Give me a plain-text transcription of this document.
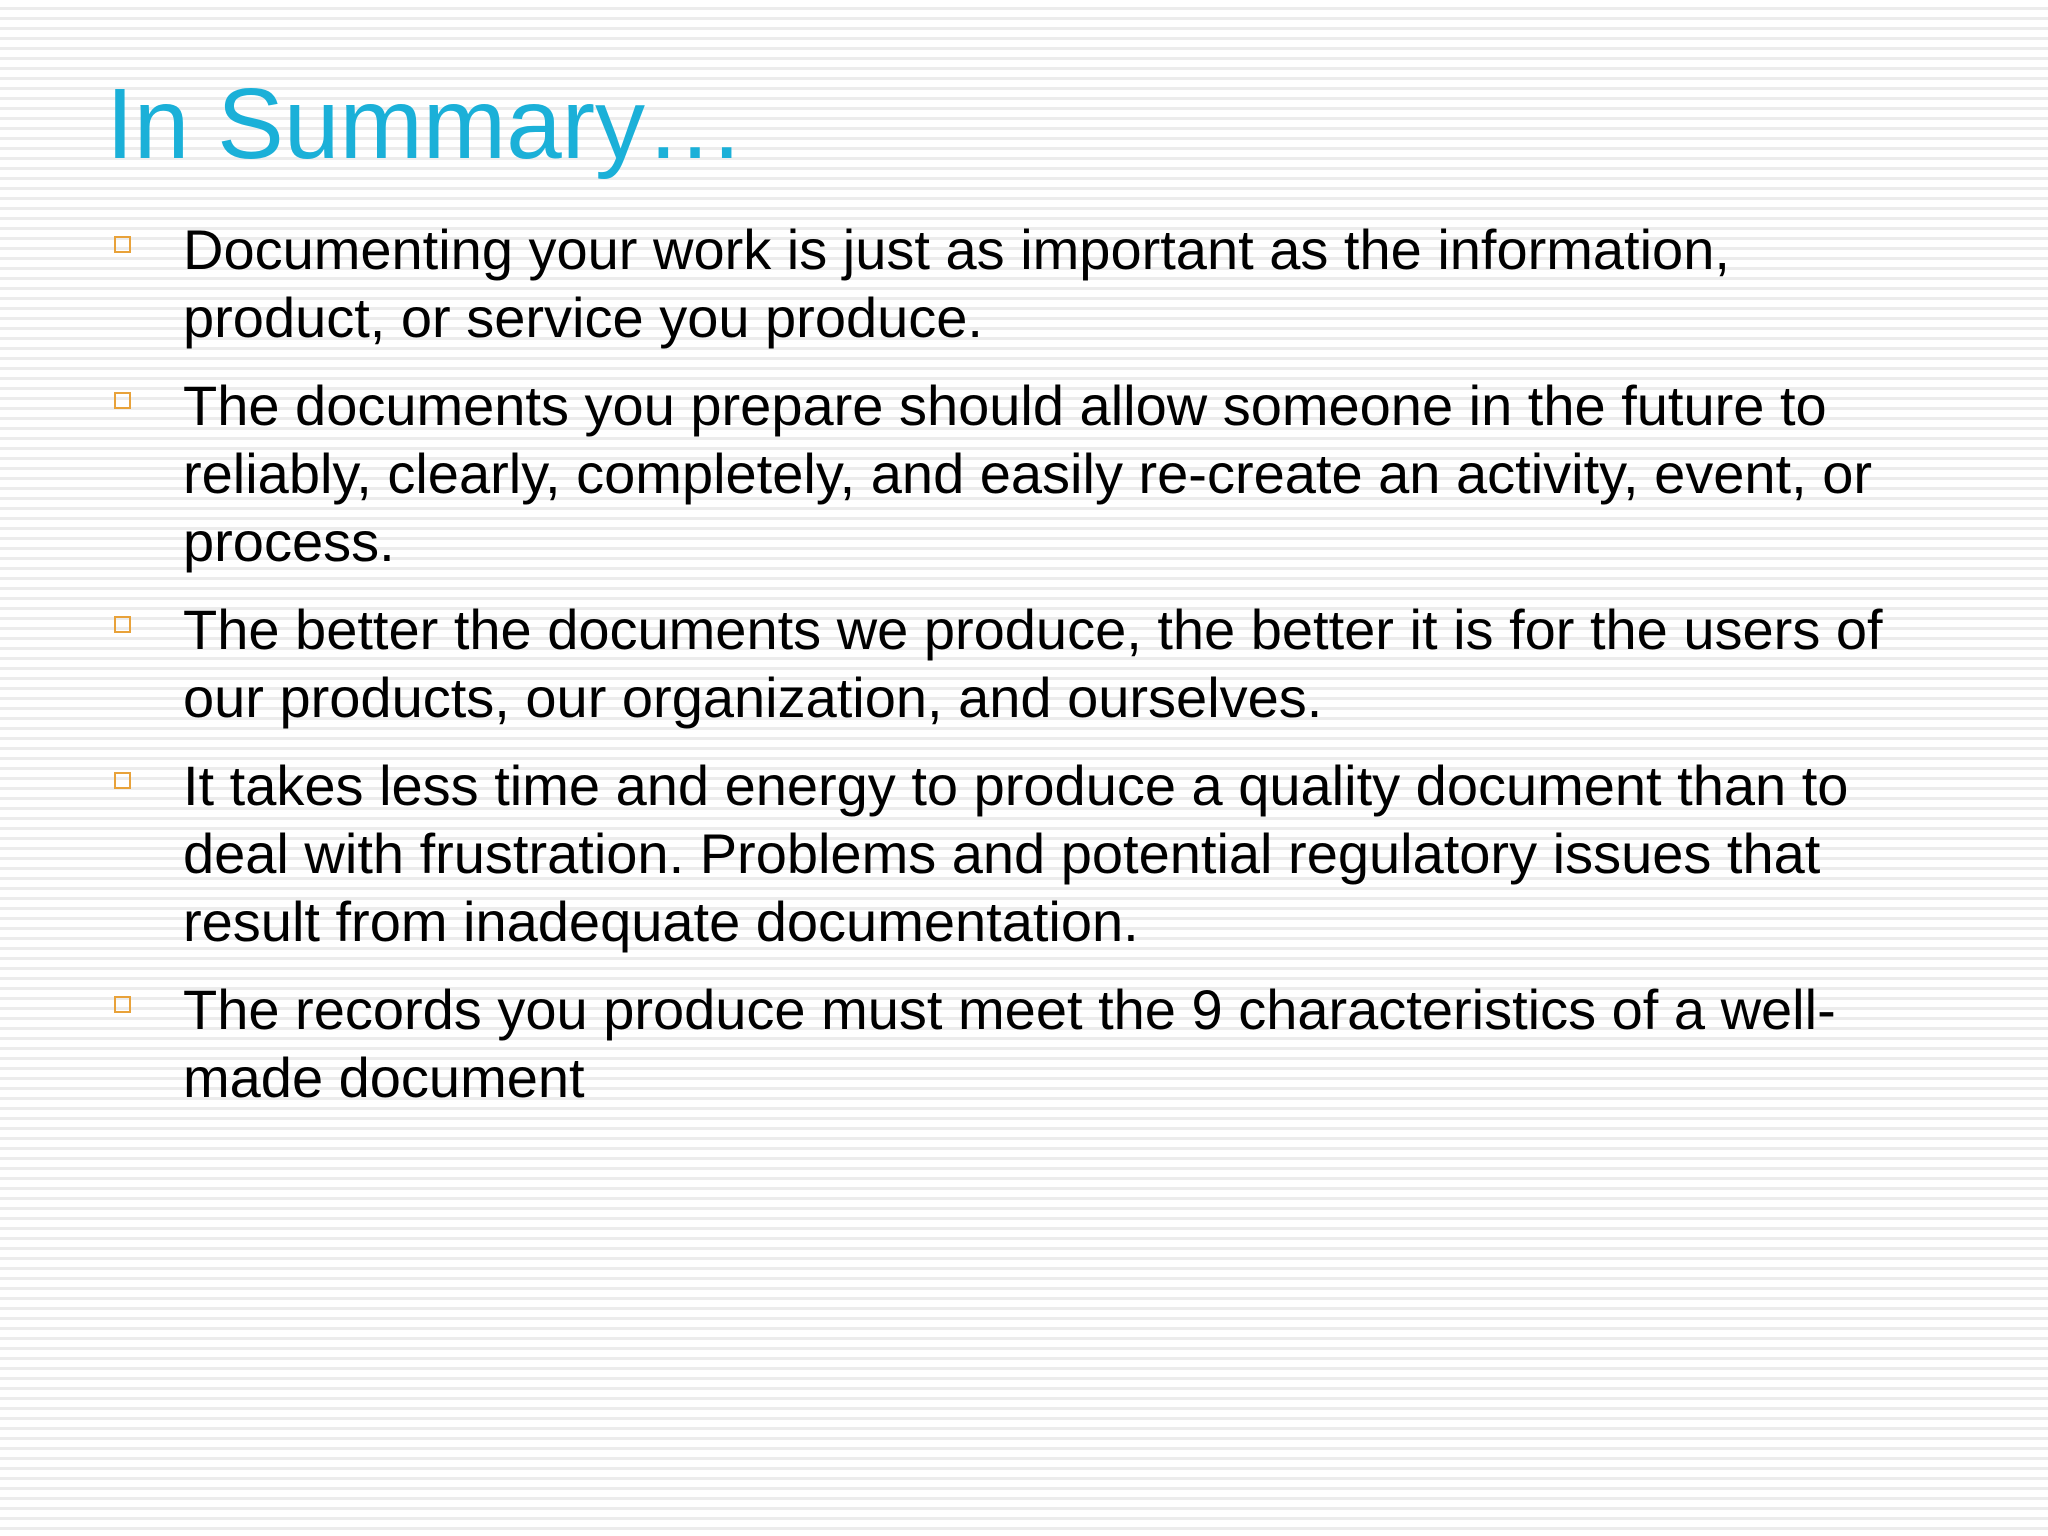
In Summary…
Documenting your work is just as important as the information, product, or service you produce.
The documents you prepare should allow someone in the future to reliably, clearly, completely, and easily re-create an activity, event, or process.
The better the documents we produce, the better it is for the users of our products, our organization, and ourselves.
It takes less time and energy to produce a quality document than to deal with frustration. Problems and potential regulatory issues that result from inadequate documentation.
The records you produce must meet the 9 characteristics of a well-made document
